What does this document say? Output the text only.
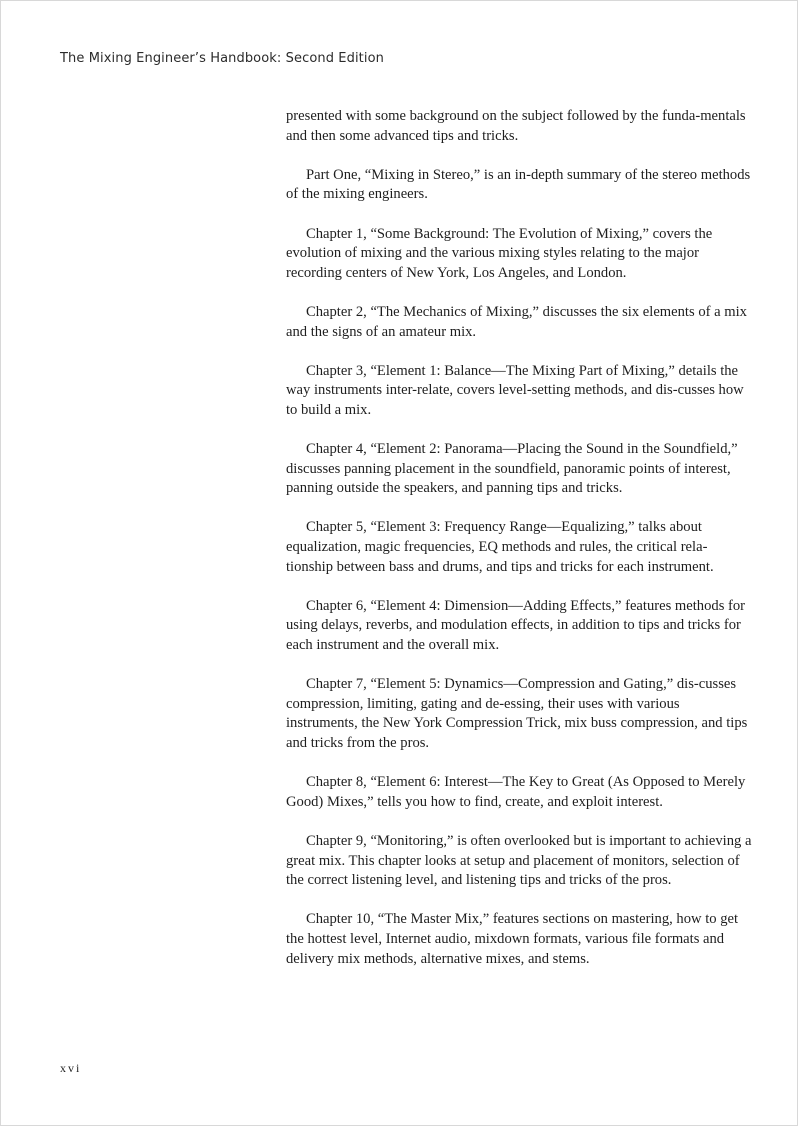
The Mixing Engineer’s Handbook: Second Edition

presented with some background on the subject followed by the funda-mentals and then some advanced tips and tricks.

Part One, “Mixing in Stereo,” is an in-depth summary of the stereo methods of the mixing engineers.

Chapter 1, “Some Background: The Evolution of Mixing,” covers the evolution of mixing and the various mixing styles relating to the major recording centers of New York, Los Angeles, and London.

Chapter 2, “The Mechanics of Mixing,” discusses the six elements of a mix and the signs of an amateur mix.

Chapter 3, “Element 1: Balance—The Mixing Part of Mixing,” details the way instruments inter-relate, covers level-setting methods, and dis-cusses how to build a mix.

Chapter 4, “Element 2: Panorama—Placing the Sound in the Soundfield,” discusses panning placement in the soundfield, panoramic points of interest, panning outside the speakers, and panning tips and tricks.

Chapter 5, “Element 3: Frequency Range—Equalizing,” talks about equalization, magic frequencies, EQ methods and rules, the critical rela-tionship between bass and drums, and tips and tricks for each instrument.

Chapter 6, “Element 4: Dimension—Adding Effects,” features methods for using delays, reverbs, and modulation effects, in addition to tips and tricks for each instrument and the overall mix.

Chapter 7, “Element 5: Dynamics—Compression and Gating,” dis-cusses compression, limiting, gating and de-essing, their uses with various instruments, the New York Compression Trick, mix buss compression, and tips and tricks from the pros.

Chapter 8, “Element 6: Interest—The Key to Great (As Opposed to Merely Good) Mixes,” tells you how to find, create, and exploit interest.

Chapter 9, “Monitoring,” is often overlooked but is important to achieving a great mix. This chapter looks at setup and placement of monitors, selection of the correct listening level, and listening tips and tricks of the pros.

Chapter 10, “The Master Mix,” features sections on mastering, how to get the hottest level, Internet audio, mixdown formats, various file formats and delivery mix methods, alternative mixes, and stems.

xvi
